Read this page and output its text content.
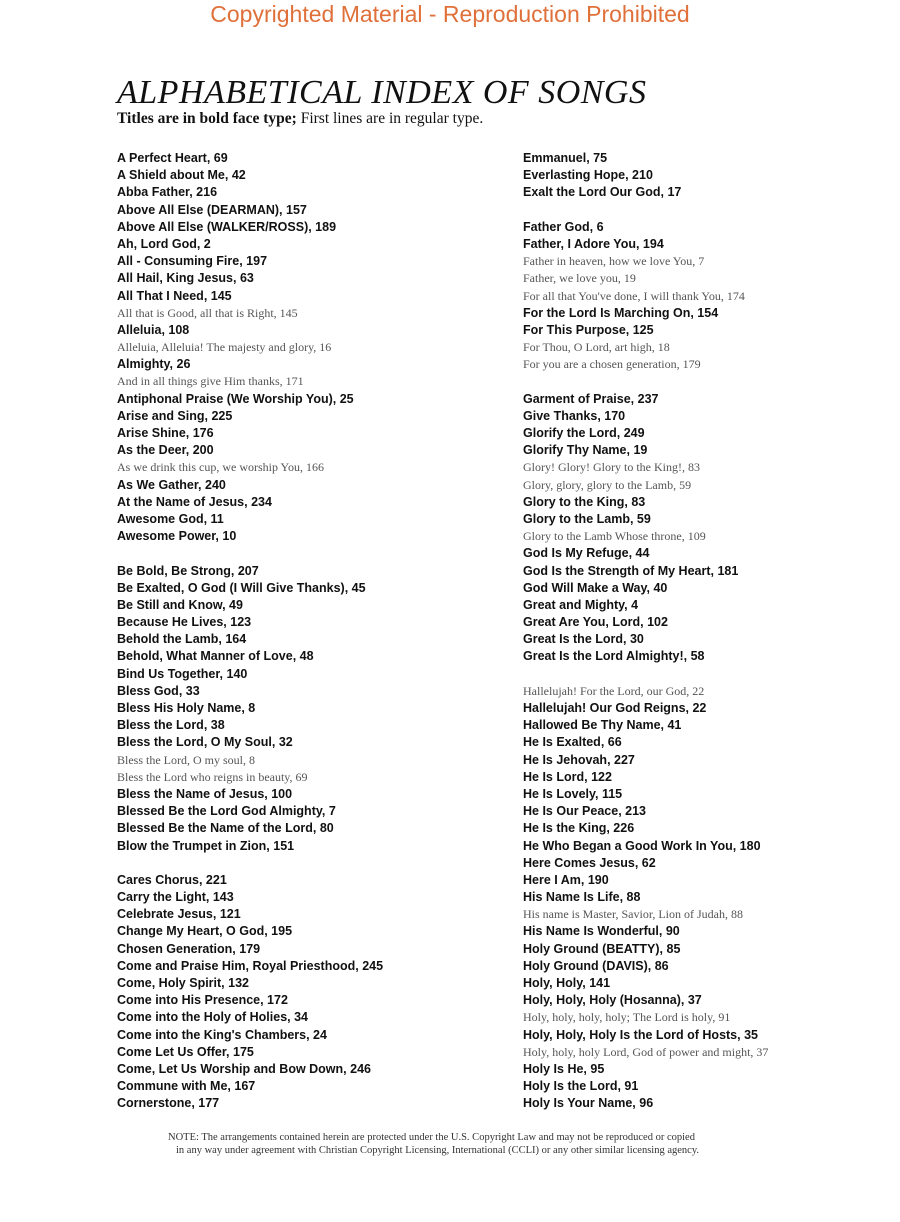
Copyrighted Material - Reproduction Prohibited
ALPHABETICAL INDEX OF SONGS
Titles are in bold face type; First lines are in regular type.
A Perfect Heart, 69
A Shield about Me, 42
Abba Father, 216
Above All Else (DEARMAN), 157
Above All Else (WALKER/ROSS), 189
Ah, Lord God, 2
All - Consuming Fire, 197
All Hail, King Jesus, 63
All That I Need, 145
All that is Good, all that is Right, 145
Alleluia, 108
Alleluia, Alleluia! The majesty and glory, 16
Almighty, 26
And in all things give Him thanks, 171
Antiphonal Praise (We Worship You), 25
Arise and Sing, 225
Arise Shine, 176
As the Deer, 200
As we drink this cup, we worship You, 166
As We Gather, 240
At the Name of Jesus, 234
Awesome God, 11
Awesome Power, 10
Be Bold, Be Strong, 207
Be Exalted, O God (I Will Give Thanks), 45
Be Still and Know, 49
Because He Lives, 123
Behold the Lamb, 164
Behold, What Manner of Love, 48
Bind Us Together, 140
Bless God, 33
Bless His Holy Name, 8
Bless the Lord, 38
Bless the Lord, O My Soul, 32
Bless the Lord, O my soul, 8
Bless the Lord who reigns in beauty, 69
Bless the Name of Jesus, 100
Blessed Be the Lord God Almighty, 7
Blessed Be the Name of the Lord, 80
Blow the Trumpet in Zion, 151
Cares Chorus, 221
Carry the Light, 143
Celebrate Jesus, 121
Change My Heart, O God, 195
Chosen Generation, 179
Come and Praise Him, Royal Priesthood, 245
Come, Holy Spirit, 132
Come into His Presence, 172
Come into the Holy of Holies, 34
Come into the King's Chambers, 24
Come Let Us Offer, 175
Come, Let Us Worship and Bow Down, 246
Commune with Me, 167
Cornerstone, 177
Emmanuel, 75
Everlasting Hope, 210
Exalt the Lord Our God, 17
Father God, 6
Father, I Adore You, 194
Father in heaven, how we love You, 7
Father, we love you, 19
For all that You've done, I will thank You, 174
For the Lord Is Marching On, 154
For This Purpose, 125
For Thou, O Lord, art high, 18
For you are a chosen generation, 179
Garment of Praise, 237
Give Thanks, 170
Glorify the Lord, 249
Glorify Thy Name, 19
Glory! Glory! Glory to the King!, 83
Glory, glory, glory to the Lamb, 59
Glory to the King, 83
Glory to the Lamb, 59
Glory to the Lamb Whose throne, 109
God Is My Refuge, 44
God Is the Strength of My Heart, 181
God Will Make a Way, 40
Great and Mighty, 4
Great Are You, Lord, 102
Great Is the Lord, 30
Great Is the Lord Almighty!, 58
Hallelujah! For the Lord, our God, 22
Hallelujah! Our God Reigns, 22
Hallowed Be Thy Name, 41
He Is Exalted, 66
He Is Jehovah, 227
He Is Lord, 122
He Is Lovely, 115
He Is Our Peace, 213
He Is the King, 226
He Who Began a Good Work In You, 180
Here Comes Jesus, 62
Here I Am, 190
His Name Is Life, 88
His name is Master, Savior, Lion of Judah, 88
His Name Is Wonderful, 90
Holy Ground (BEATTY), 85
Holy Ground (DAVIS), 86
Holy, Holy, 141
Holy, Holy, Holy (Hosanna), 37
Holy, holy, holy, holy; The Lord is holy, 91
Holy, Holy, Holy Is the Lord of Hosts, 35
Holy, holy, holy Lord, God of power and might, 37
Holy Is He, 95
Holy Is the Lord, 91
Holy Is Your Name, 96
NOTE: The arrangements contained herein are protected under the U.S. Copyright Law and may not be reproduced or copied
in any way under agreement with Christian Copyright Licensing, International (CCLI) or any other similar licensing agency.
